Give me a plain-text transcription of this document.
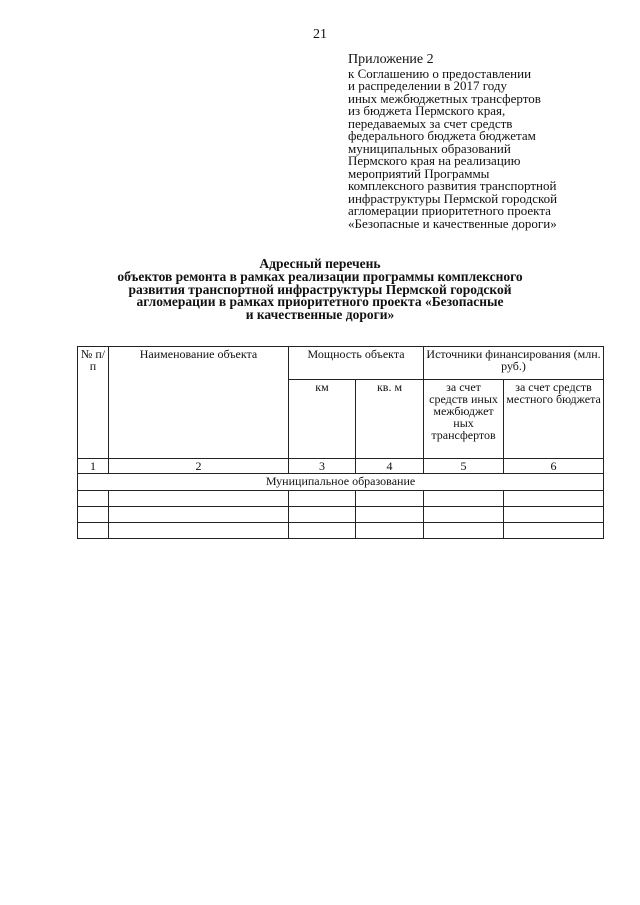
21
Приложение 2
к Соглашению о предоставлении
и распределении в 2017 году
иных межбюджетных трансфертов
из бюджета Пермского края,
передаваемых за счет средств
федерального бюджета бюджетам
муниципальных образований
Пермского края на реализацию
мероприятий Программы
комплексного развития транспортной
инфраструктуры Пермской городской
агломерации приоритетного проекта
«Безопасные и качественные дороги»
Адресный перечень
объектов ремонта в рамках реализации программы комплексного
развития транспортной инфраструктуры Пермской городской
агломерации в рамках приоритетного проекта «Безопасные
и качественные дороги»
№ п/п	Наименование объекта	Мощность объекта		Источники финансирования (млн. руб.)	
		км	кв. м	за счет средств иных межбюджет ных трансфертов	за счет средств местного бюджета
1	2	3	4	5	6
Муниципальное образование					
